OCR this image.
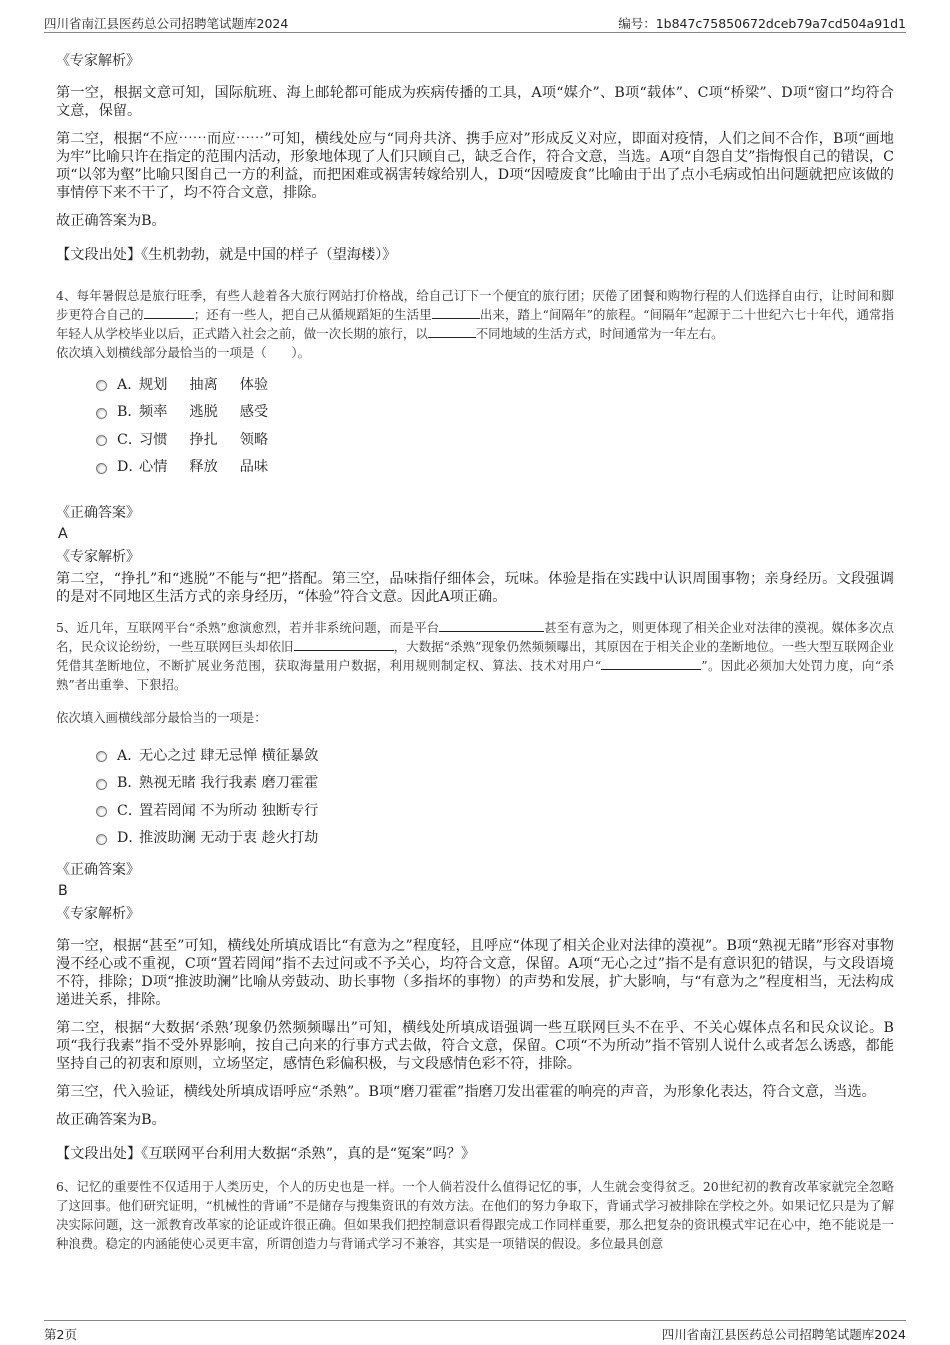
四川省南江县医药总公司招聘笔试题库2024	编号：1b847c75850672dceb79a7cd504a91d1
《专家解析》

第一空，根据文意可知，国际航班、海上邮轮都可能成为疾病传播的工具，A项“媒介”、B项“载体”、C项“桥梁”、D项“窗口”均符合文意，保留。

第二空，根据“不应⋯⋯而应⋯⋯”可知，横线处应与“同舟共济、携手应对”形成反义对应，即面对疫情，人们之间不合作，B项“画地为牢”比喻只许在指定的范围内活动，形象地体现了人们只顾自己，缺乏合作，符合文意，当选。A项“自怨自艾”指悔恨自己的错误，C项“以邻为壑”比喻只图自己一方的利益，而把困难或祸害转嫁给别人，D项“因噎废食”比喻由于出了点小毛病或怕出问题就把应该做的事情停下来不干了，均不符合文意，排除。

故正确答案为B。

【文段出处】《生机勃勃，就是中国的样子（望海楼）》

4、每年暑假总是旅行旺季，有些人趁着各大旅行网站打价格战，给自己订下一个便宜的旅行团；厌倦了团餐和购物行程的人们选择自由行，让时间和脚步更符合自己的	；还有一些人，把自己从循规蹈矩的生活里	出来，踏上“间隔年”的旅程。“间隔年”起源于二十世纪六七十年代，通常指年轻人从学校毕业以后，正式踏入社会之前，做一次长期的旅行，以	不同地域的生活方式，时间通常为一年左右。
依次填入划横线部分最恰当的一项是（　　）。
A．
规划 抽离 体验
B．
频率 逃脱 感受
C．
习惯 挣扎 领略
D．
心情 释放 品味
《正确答案》
A
《专家解析》

第二空，“挣扎”和“逃脱”不能与“把”搭配。第三空，品味指仔细体会，玩味。体验是指在实践中认识周围事物；亲身经历。文段强调的是对不同地区生活方式的亲身经历，“体验”符合文意。因此A项正确。

5、近几年，互联网平台“杀熟”愈演愈烈，若并非系统问题，而是平台	甚至有意为之，则更体现了相关企业对法律的漠视。媒体多次点名，民众议论纷纷，一些互联网巨头却依旧	，大数据“杀熟”现象仍然频频曝出，其原因在于相关企业的垄断地位。一些大型互联网企业凭借其垄断地位，不断扩展业务范围，获取海量用户数据，利用规则制定权、算法、技术对用户“	”。因此必须加大处罚力度，向“杀熟”者出重拳、下狠招。
依次填入画横线部分最恰当的一项是：
A．
无心之过 肆无忌惮 横征暴敛
B．
熟视无睹 我行我素 磨刀霍霍
C．
置若罔闻 不为所动 独断专行
D．
推波助澜 无动于衷 趁火打劫
《正确答案》
B
《专家解析》

第一空，根据“甚至”可知，横线处所填成语比“有意为之”程度轻，且呼应“体现了相关企业对法律的漠视”。B项“熟视无睹”形容对事物漫不经心或不重视，C项“置若罔闻”指不去过问或不予关心，均符合文意，保留。A项“无心之过”指不是有意识犯的错误，与文段语境不符，排除；D项“推波助澜”比喻从旁鼓动、助长事物（多指坏的事物）的声势和发展，扩大影响，与“有意为之”程度相当，无法构成递进关系，排除。

第二空，根据“大数据‘杀熟’现象仍然频频曝出”可知，横线处所填成语强调一些互联网巨头不在乎、不关心媒体点名和民众议论。B项“我行我素”指不受外界影响，按自己向来的行事方式去做，符合文意，保留。C项“不为所动”指不管别人说什么或者怎么诱惑，都能坚持自己的初衷和原则，立场坚定，感情色彩偏积极，与文段感情色彩不符，排除。

第三空，代入验证，横线处所填成语呼应“杀熟”。B项“磨刀霍霍”指磨刀发出霍霍的响亮的声音，为形象化表达，符合文意，当选。

故正确答案为B。

【文段出处】《互联网平台利用大数据“杀熟”，真的是“冤案”吗？》

6、记忆的重要性不仅适用于人类历史，个人的历史也是一样。一个人倘若没什么值得记忆的事，人生就会变得贫乏。20世纪初的教育改革家就完全忽略了这回事。他们研究证明，“机械性的背诵”不是储存与搜集资讯的有效方法。在他们的努力争取下，背诵式学习被排除在学校之外。如果记忆只是为了解决实际问题，这一派教育改革家的论证或许很正确。但如果我们把控制意识看得跟完成工作同样重要，那么把复杂的资讯模式牢记在心中，绝不能说是一种浪费。稳定的内涵能使心灵更丰富，所谓创造力与背诵式学习不兼容，其实是一项错误的假设。多位最具创意
第2页	四川省南江县医药总公司招聘笔试题库2024
